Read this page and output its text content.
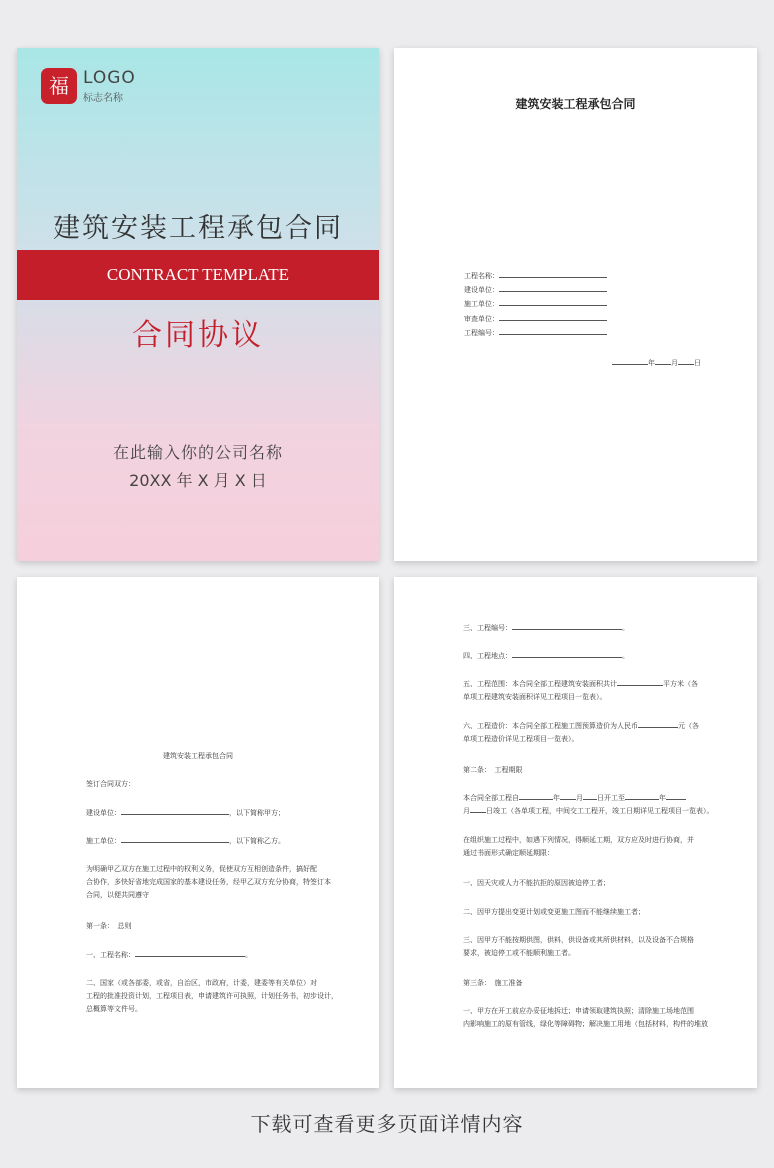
福 LOGO
标志名称
建筑安装工程承包合同
CONTRACT TEMPLATE
合同协议
在此输入你的公司名称
20XX 年 X 月 X 日
建筑安装工程承包合同
工程名称：
建设单位：
施工单位：
审查单位：
工程编号：
年 月 日
建筑安装工程承包合同
签订合同双方：
建设单位：	，以下简称甲方；
施工单位：	，以下简称乙方。
为明确甲乙双方在施工过程中的权利义务，促使双方互相创造条件，搞好配
合协作，多快好省地完成国家的基本建设任务，经甲乙双方充分协商，特签订本
合同，以便共同遵守
第一条：　总则
一、工程名称：	。
二、国家（或各部委，或省，自治区，市政府，计委，建委等有关单位）对
工程的批准投资计划，工程项目表，申请建筑许可执照，计划任务书，初步设计，
总概算等文件号。
三、工程编号：	。
四、工程地点：	。
五、工程范围：本合同全部工程建筑安装面积共计	平方米（各
单项工程建筑安装面积详见工程项目一览表）。
六、工程造价：本合同全部工程施工图预算造价为人民币	元（各
单项工程造价详见工程项目一览表）。
第二条：　工程期限
本合同全部工程自	年 月 日开工至	年
月 日竣工（各单项工程，中间交工工程开，竣工日期详见工程项目一览表）。
在组织施工过程中，如遇下列情况，得顺延工期，双方应及时进行协商，并
通过书面形式确定顺延期限：
一、因天灾或人力不能抗拒的原因被迫停工者；
二、因甲方提出变更计划或变更施工图而不能继续施工者；
三、因甲方不能按期供图，供料，供设备或其所供材料，以及设备不合规格
要求，被迫停工或不能顺利施工者。
第三条：　施工准备
一、甲方在开工前应办妥征地拆迁；申请领取建筑执照；清除施工场地范围
内影响施工的原有管线，绿化等障碍物；解决施工用地（包括材料，构件的堆放
下载可查看更多页面详情内容
